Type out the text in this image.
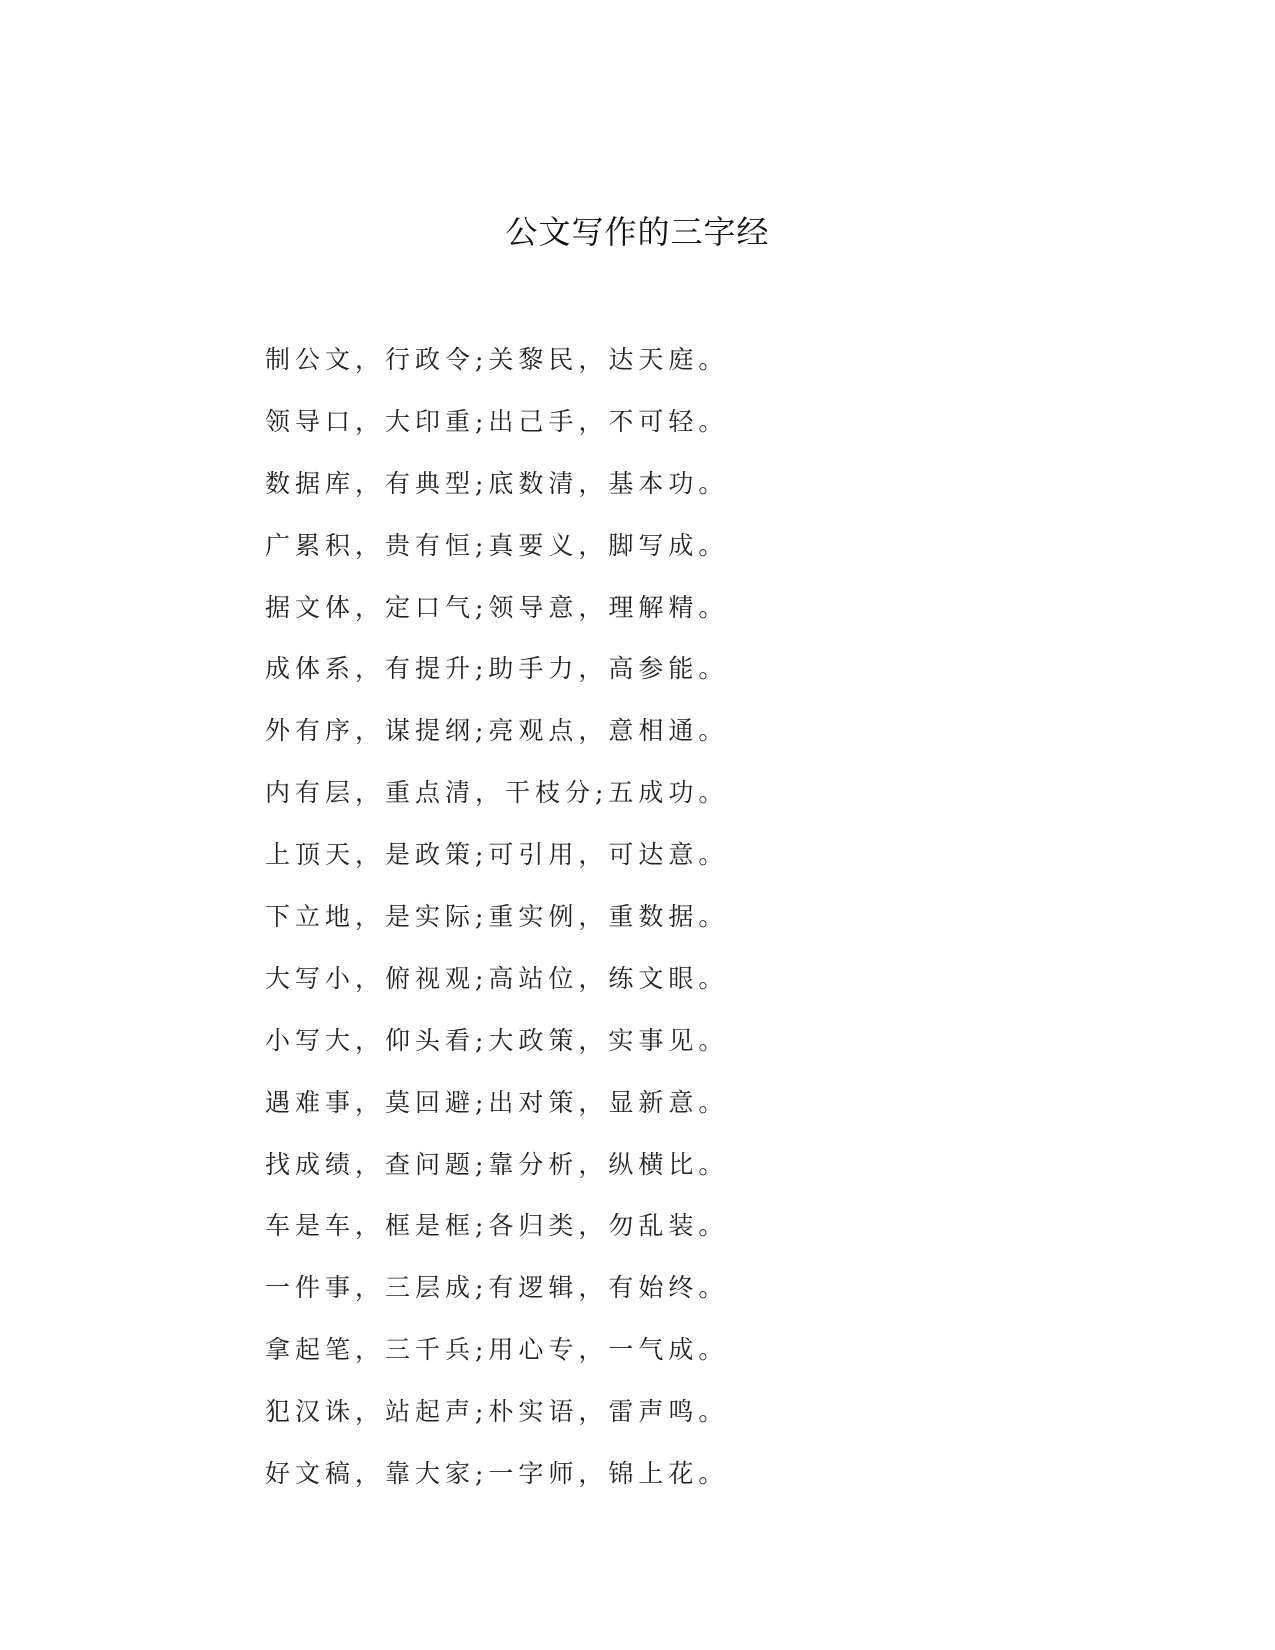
公文写作的三字经
制公文，行政令;关黎民，达天庭。
领导口，大印重;出己手，不可轻。
数据库，有典型;底数清，基本功。
广累积，贵有恒;真要义，脚写成。
据文体，定口气;领导意，理解精。
成体系，有提升;助手力，高参能。
外有序，谋提纲;亮观点，意相通。
内有层，重点清，干枝分;五成功。
上顶天，是政策;可引用，可达意。
下立地，是实际;重实例，重数据。
大写小，俯视观;高站位，练文眼。
小写大，仰头看;大政策，实事见。
遇难事，莫回避;出对策，显新意。
找成绩，查问题;靠分析，纵横比。
车是车，框是框;各归类，勿乱装。
一件事，三层成;有逻辑，有始终。
拿起笔，三千兵;用心专，一气成。
犯汉诛，站起声;朴实语，雷声鸣。
好文稿，靠大家;一字师，锦上花。
